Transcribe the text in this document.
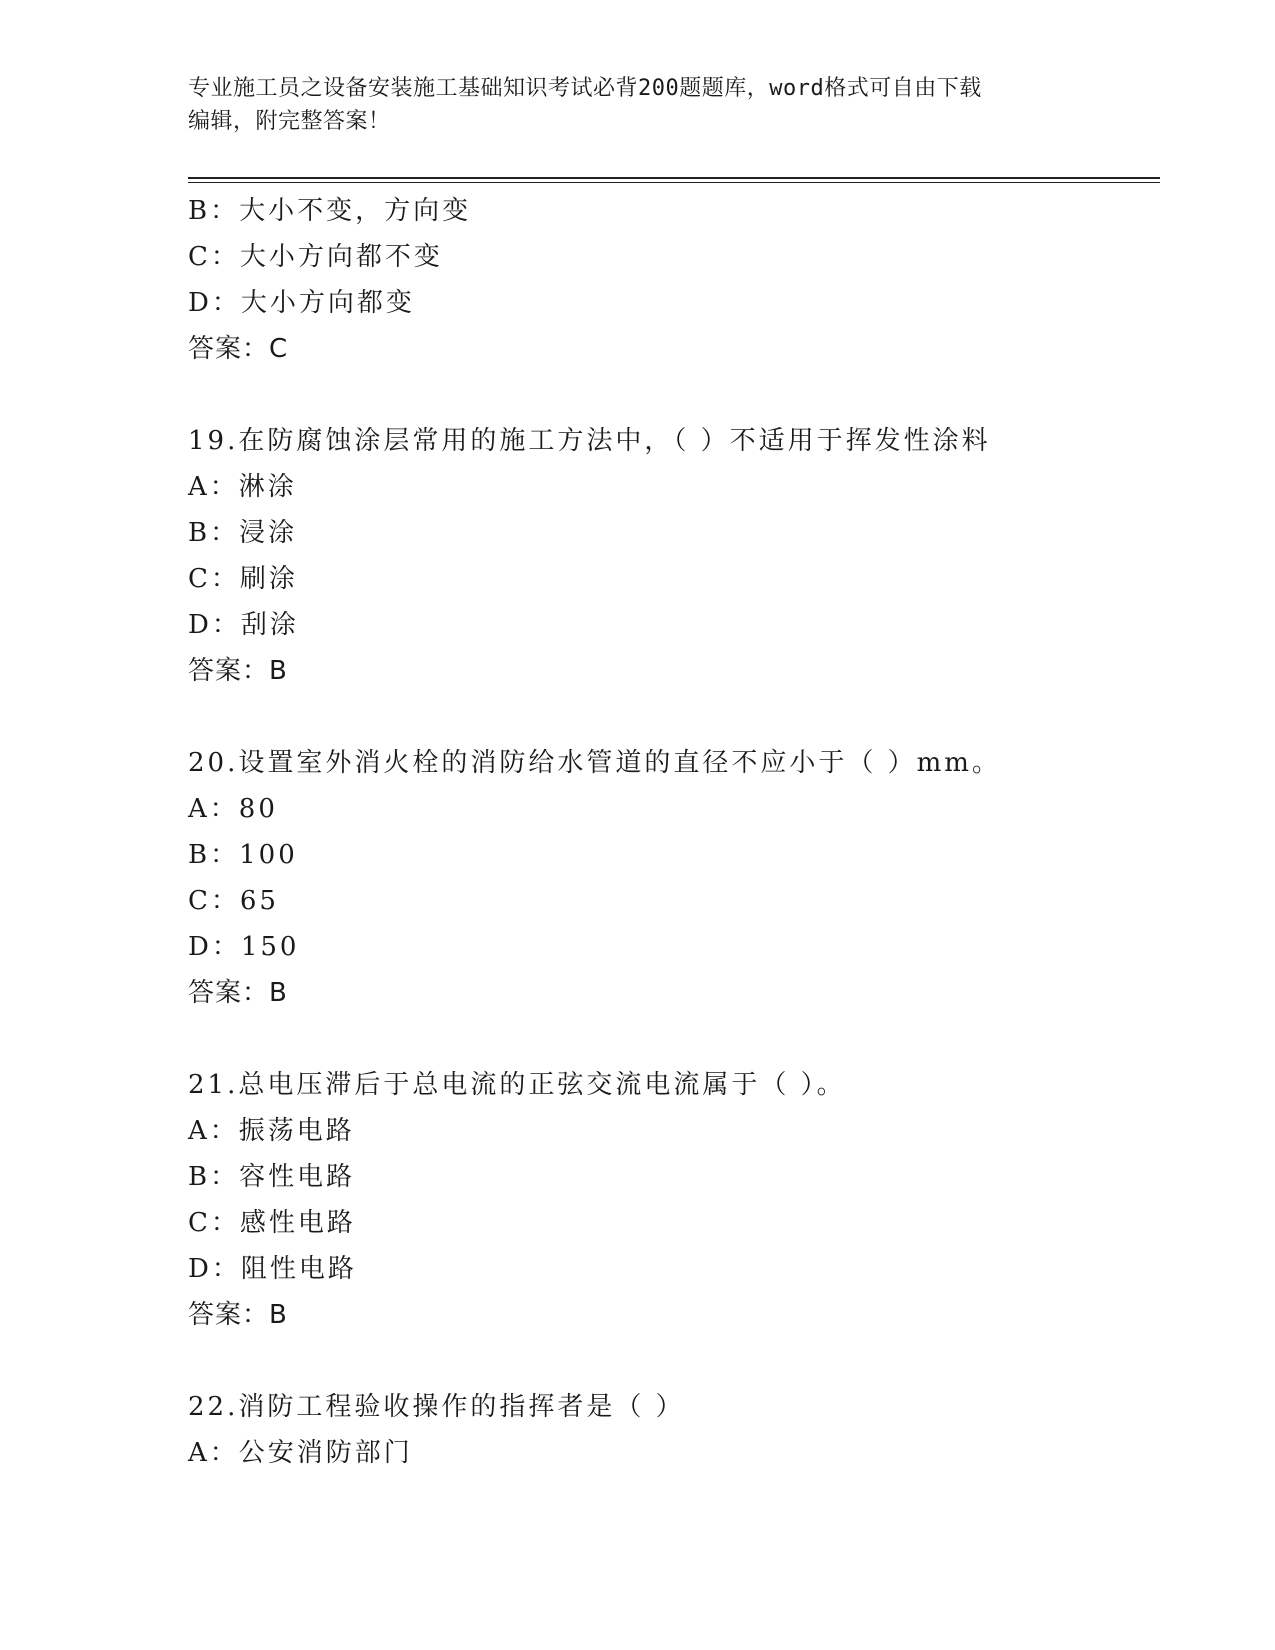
专业施工员之设备安装施工基础知识考试必背200题题库，word格式可自由下载
编辑，附完整答案！
B：大小不变，方向变
C：大小方向都不变
D：大小方向都变
答案：C
19.在防腐蚀涂层常用的施工方法中，（ ）不适用于挥发性涂料
A：淋涂
B：浸涂
C：刷涂
D：刮涂
答案：B
20.设置室外消火栓的消防给水管道的直径不应小于（ ）mm。
A：80
B：100
C：65
D：150
答案：B
21.总电压滞后于总电流的正弦交流电流属于（ ）。
A：振荡电路
B：容性电路
C：感性电路
D：阻性电路
答案：B
22.消防工程验收操作的指挥者是（ ）
A：公安消防部门
